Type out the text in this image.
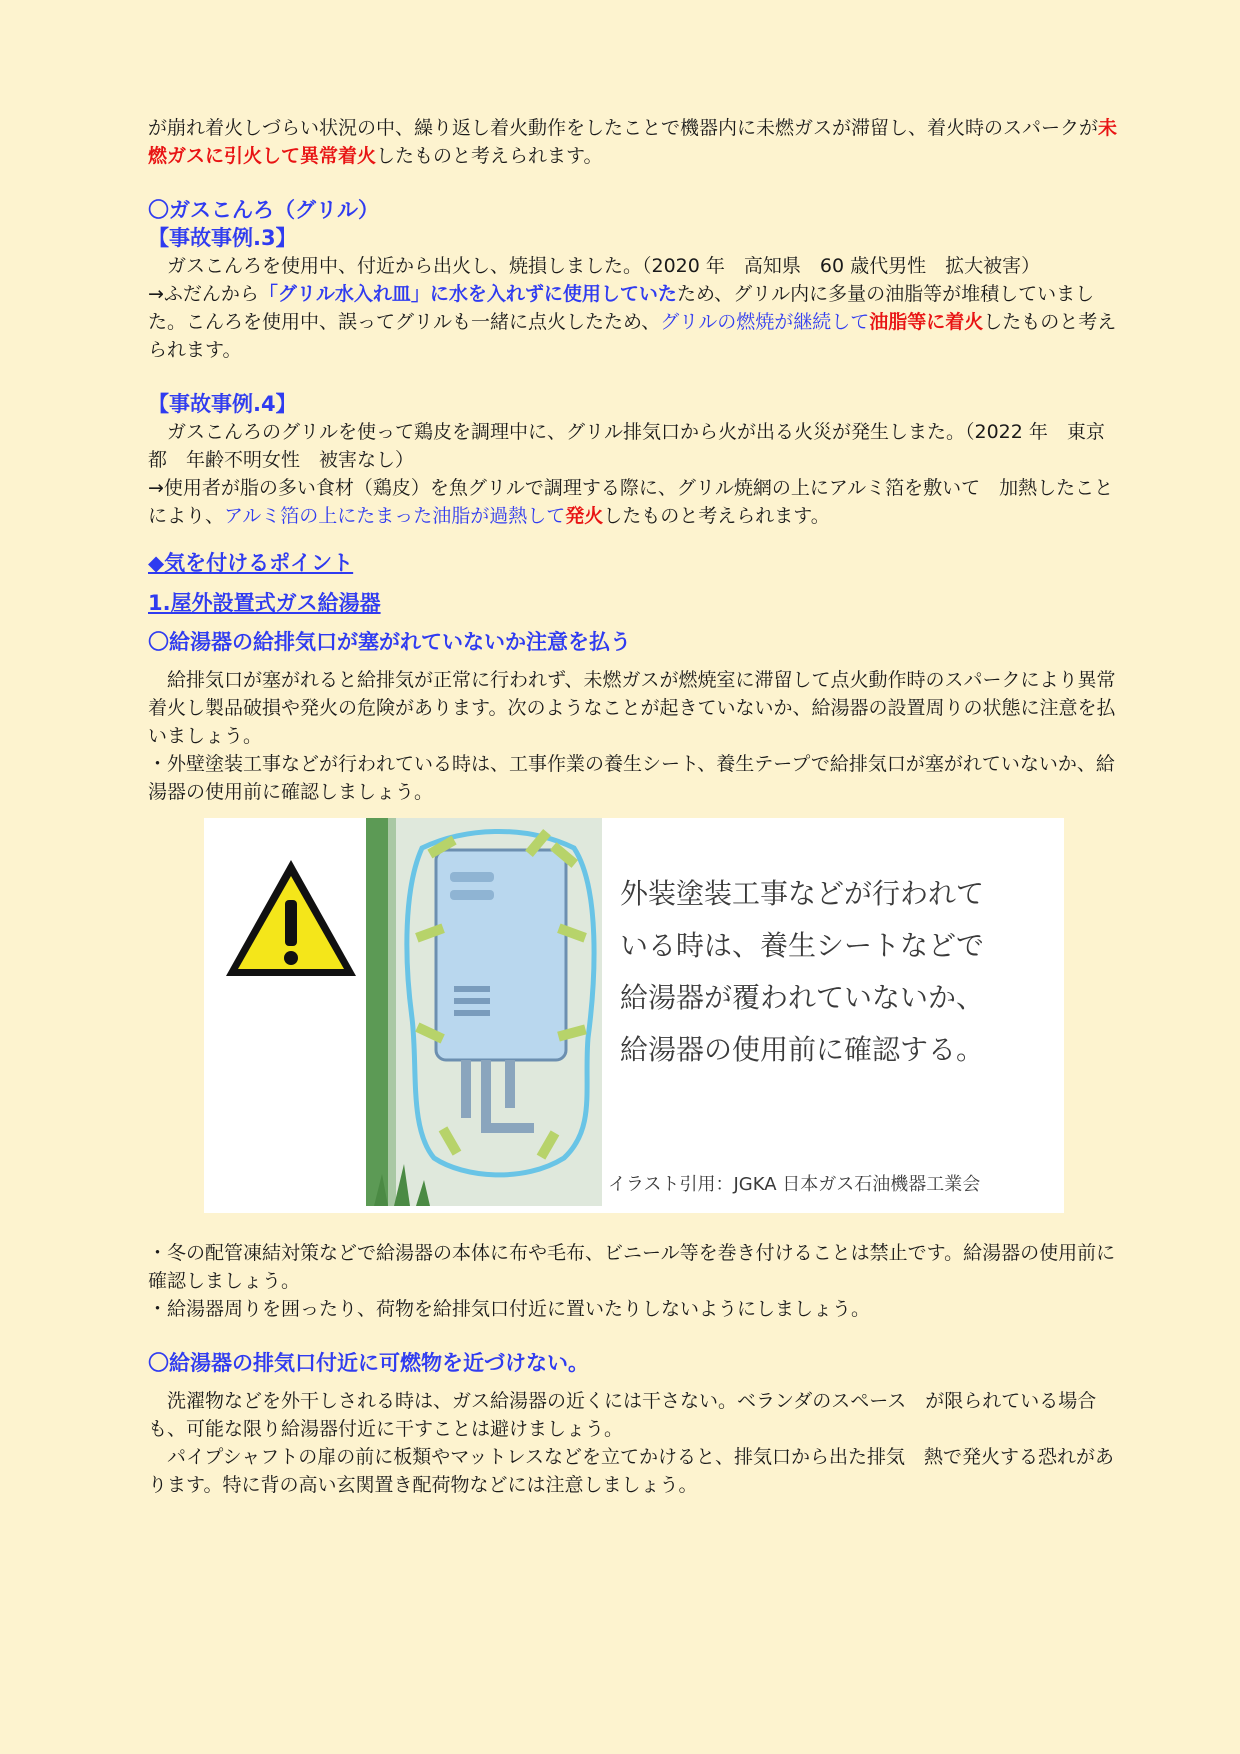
が崩れ着火しづらい状況の中、繰り返し着火動作をしたことで機器内に未燃ガスが滞留し、着火時のスパークが未燃ガスに引火して異常着火したものと考えられます。

〇ガスこんろ（グリル）

【事故事例.3】

ガスこんろを使用中、付近から出火し、焼損しました。（2020 年　高知県　60 歳代男性　拡大被害）

→ふだんから「グリル水入れ皿」に水を入れずに使用していたため、グリル内に多量の油脂等が堆積していました。こんろを使用中、誤ってグリルも一緒に点火したため、グリルの燃焼が継続して油脂等に着火したものと考えられます。

【事故事例.4】

ガスこんろのグリルを使って鶏皮を調理中に、グリル排気口から火が出る火災が発生しまた。（2022 年　東京都　年齢不明女性　被害なし）

→使用者が脂の多い食材（鶏皮）を魚グリルで調理する際に、グリル焼網の上にアルミ箔を敷いて　加熱したことにより、アルミ箔の上にたまった油脂が過熱して発火したものと考えられます。

◆気を付けるポイント

1.屋外設置式ガス給湯器

〇給湯器の給排気口が塞がれていないか注意を払う

給排気口が塞がれると給排気が正常に行われず、未燃ガスが燃焼室に滞留して点火動作時のスパークにより異常着火し製品破損や発火の危険があります。次のようなことが起きていないか、給湯器の設置周りの状態に注意を払いましょう。

・外壁塗装工事などが行われている時は、工事作業の養生シート、養生テープで給排気口が塞がれていないか、給湯器の使用前に確認しましょう。

外装塗装工事などが行われて
いる時は、養生シートなどで
給湯器が覆われていないか、
給湯器の使用前に確認する。
イラスト引用：JGKA 日本ガス石油機器工業会

・冬の配管凍結対策などで給湯器の本体に布や毛布、ビニール等を巻き付けることは禁止です。給湯器の使用前に確認しましょう。

・給湯器周りを囲ったり、荷物を給排気口付近に置いたりしないようにしましょう。

〇給湯器の排気口付近に可燃物を近づけない。

洗濯物などを外干しされる時は、ガス給湯器の近くには干さない。ベランダのスペース　が限られている場合も、可能な限り給湯器付近に干すことは避けましょう。

パイプシャフトの扉の前に板類やマットレスなどを立てかけると、排気口から出た排気　熱で発火する恐れがあります。特に背の高い玄関置き配荷物などには注意しましょう。
